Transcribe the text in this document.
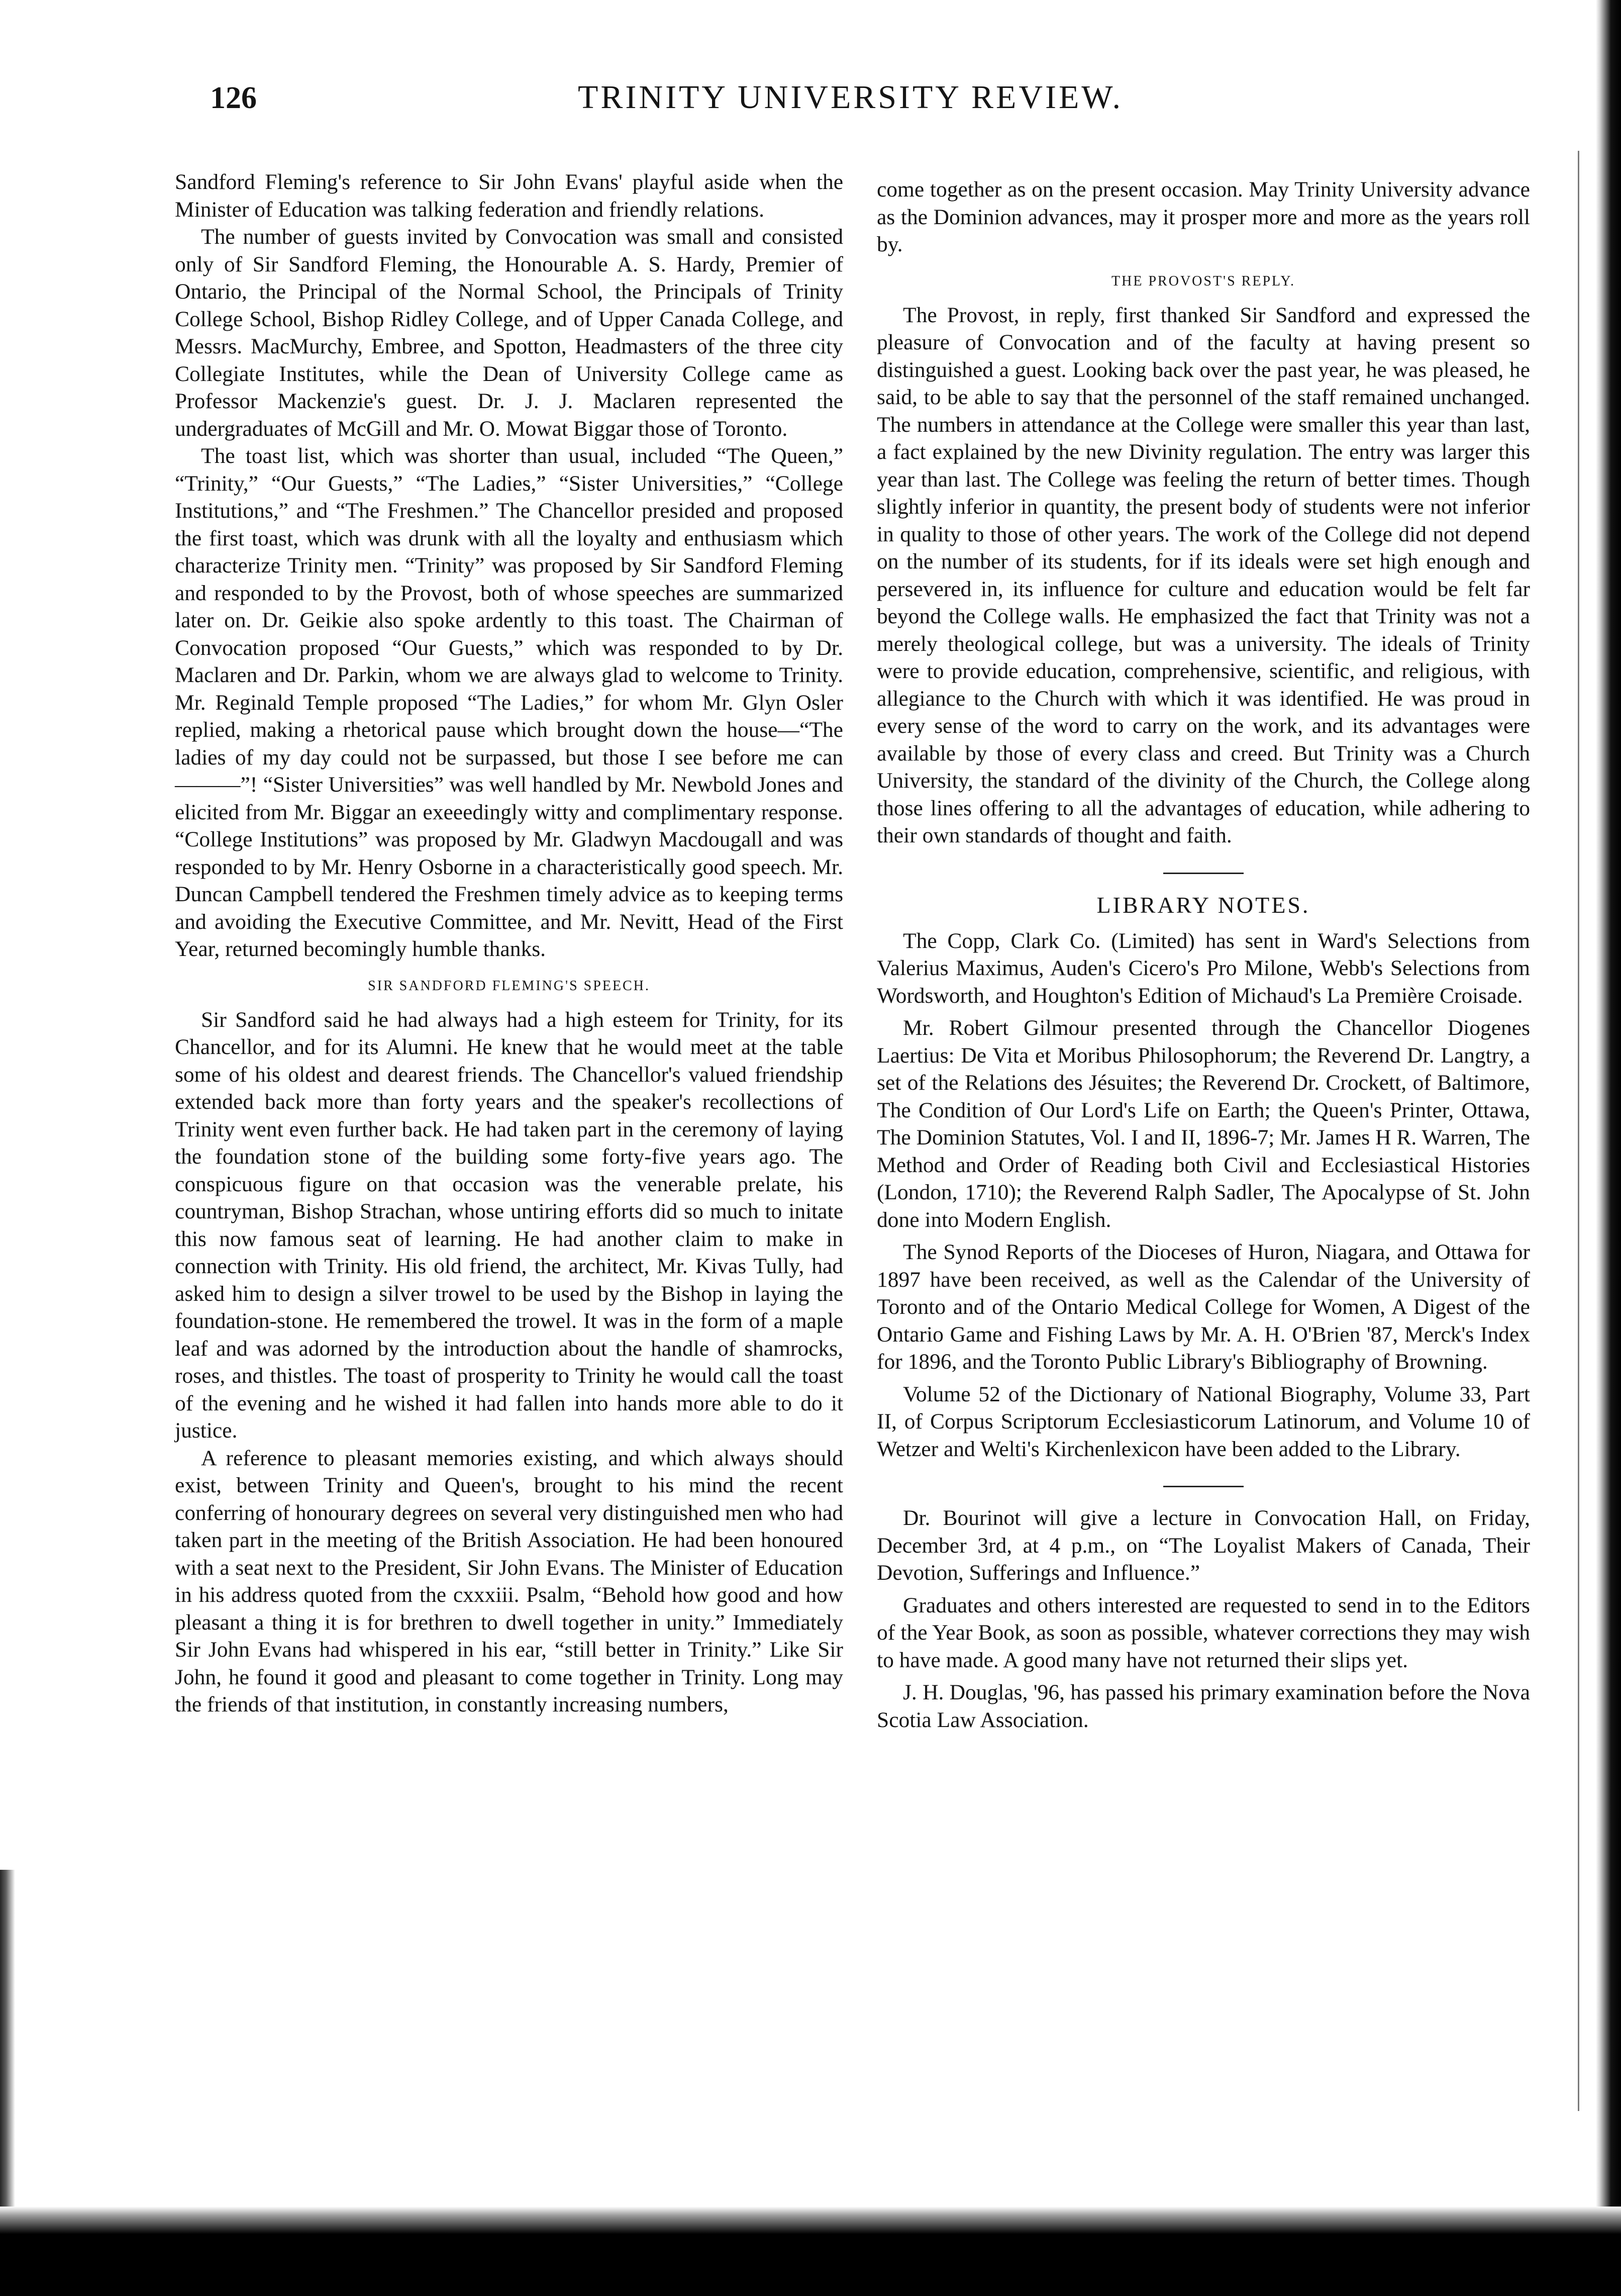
126	TRINITY UNIVERSITY REVIEW.

Sandford Fleming's reference to Sir John Evans' playful aside when the Minister of Education was talking federation and friendly relations.

The number of guests invited by Convocation was small and consisted only of Sir Sandford Fleming, the Honourable A. S. Hardy, Premier of Ontario, the Principal of the Normal School, the Principals of Trinity College School, Bishop Ridley College, and of Upper Canada College, and Messrs. MacMurchy, Embree, and Spotton, Headmasters of the three city Collegiate Institutes, while the Dean of University College came as Professor Mackenzie's guest. Dr. J. J. Maclaren represented the undergraduates of McGill and Mr. O. Mowat Biggar those of Toronto.

The toast list, which was shorter than usual, included “The Queen,” “Trinity,” “Our Guests,” “The Ladies,” “Sister Universities,” “College Institutions,” and “The Freshmen.” The Chancellor presided and proposed the first toast, which was drunk with all the loyalty and enthusiasm which characterize Trinity men. “Trinity” was proposed by Sir Sandford Fleming and responded to by the Provost, both of whose speeches are summarized later on. Dr. Geikie also spoke ardently to this toast. The Chairman of Convocation proposed “Our Guests,” which was responded to by Dr. Maclaren and Dr. Parkin, whom we are always glad to welcome to Trinity. Mr. Reginald Temple proposed “The Ladies,” for whom Mr. Glyn Osler replied, making a rhetorical pause which brought down the house—“The ladies of my day could not be surpassed, but those I see before me can ———”! “Sister Universities” was well handled by Mr. Newbold Jones and elicited from Mr. Biggar an exeeedingly witty and complimentary response. “College Institutions” was proposed by Mr. Gladwyn Macdougall and was responded to by Mr. Henry Osborne in a characteristically good speech. Mr. Duncan Campbell tendered the Freshmen timely advice as to keeping terms and avoiding the Executive Committee, and Mr. Nevitt, Head of the First Year, returned becomingly humble thanks.

SIR SANDFORD FLEMING'S SPEECH.

Sir Sandford said he had always had a high esteem for Trinity, for its Chancellor, and for its Alumni. He knew that he would meet at the table some of his oldest and dearest friends. The Chancellor's valued friendship extended back more than forty years and the speaker's recollections of Trinity went even further back. He had taken part in the ceremony of laying the foundation stone of the building some forty-five years ago. The conspicuous figure on that occasion was the venerable prelate, his countryman, Bishop Strachan, whose untiring efforts did so much to initate this now famous seat of learning. He had another claim to make in connection with Trinity. His old friend, the architect, Mr. Kivas Tully, had asked him to design a silver trowel to be used by the Bishop in laying the foundation-stone. He remembered the trowel. It was in the form of a maple leaf and was adorned by the introduction about the handle of shamrocks, roses, and thistles. The toast of prosperity to Trinity he would call the toast of the evening and he wished it had fallen into hands more able to do it justice.

A reference to pleasant memories existing, and which always should exist, between Trinity and Queen's, brought to his mind the recent conferring of honourary degrees on several very distinguished men who had taken part in the meeting of the British Association. He had been honoured with a seat next to the President, Sir John Evans. The Minister of Education in his address quoted from the cxxxiii. Psalm, “Behold how good and how pleasant a thing it is for brethren to dwell together in unity.” Immediately Sir John Evans had whispered in his ear, “still better in Trinity.” Like Sir John, he found it good and pleasant to come together in Trinity. Long may the friends of that institution, in constantly increasing numbers,

come together as on the present occasion. May Trinity University advance as the Dominion advances, may it prosper more and more as the years roll by.

THE PROVOST'S REPLY.

The Provost, in reply, first thanked Sir Sandford and expressed the pleasure of Convocation and of the faculty at having present so distinguished a guest. Looking back over the past year, he was pleased, he said, to be able to say that the personnel of the staff remained unchanged. The numbers in attendance at the College were smaller this year than last, a fact explained by the new Divinity regulation. The entry was larger this year than last. The College was feeling the return of better times. Though slightly inferior in quantity, the present body of students were not inferior in quality to those of other years. The work of the College did not depend on the number of its students, for if its ideals were set high enough and persevered in, its influence for culture and education would be felt far beyond the College walls. He emphasized the fact that Trinity was not a merely theological college, but was a university. The ideals of Trinity were to provide education, comprehensive, scientific, and religious, with allegiance to the Church with which it was identified. He was proud in every sense of the word to carry on the work, and its advantages were available by those of every class and creed. But Trinity was a Church University, the standard of the divinity of the Church, the College along those lines offering to all the advantages of education, while adhering to their own standards of thought and faith.

LIBRARY NOTES.

The Copp, Clark Co. (Limited) has sent in Ward's Selections from Valerius Maximus, Auden's Cicero's Pro Milone, Webb's Selections from Wordsworth, and Houghton's Edition of Michaud's La Première Croisade.

Mr. Robert Gilmour presented through the Chancellor Diogenes Laertius: De Vita et Moribus Philosophorum; the Reverend Dr. Langtry, a set of the Relations des Jésuites; the Reverend Dr. Crockett, of Baltimore, The Condition of Our Lord's Life on Earth; the Queen's Printer, Ottawa, The Dominion Statutes, Vol. I and II, 1896-7; Mr. James H R. Warren, The Method and Order of Reading both Civil and Ecclesiastical Histories (London, 1710); the Reverend Ralph Sadler, The Apocalypse of St. John done into Modern English.

The Synod Reports of the Dioceses of Huron, Niagara, and Ottawa for 1897 have been received, as well as the Calendar of the University of Toronto and of the Ontario Medical College for Women, A Digest of the Ontario Game and Fishing Laws by Mr. A. H. O'Brien '87, Merck's Index for 1896, and the Toronto Public Library's Bibliography of Browning.

Volume 52 of the Dictionary of National Biography, Volume 33, Part II, of Corpus Scriptorum Ecclesiasticorum Latinorum, and Volume 10 of Wetzer and Welti's Kirchenlexicon have been added to the Library.

Dr. Bourinot will give a lecture in Convocation Hall, on Friday, December 3rd, at 4 p.m., on “The Loyalist Makers of Canada, Their Devotion, Sufferings and Influence.”

Graduates and others interested are requested to send in to the Editors of the Year Book, as soon as possible, whatever corrections they may wish to have made. A good many have not returned their slips yet.

J. H. Douglas, '96, has passed his primary examination before the Nova Scotia Law Association.
